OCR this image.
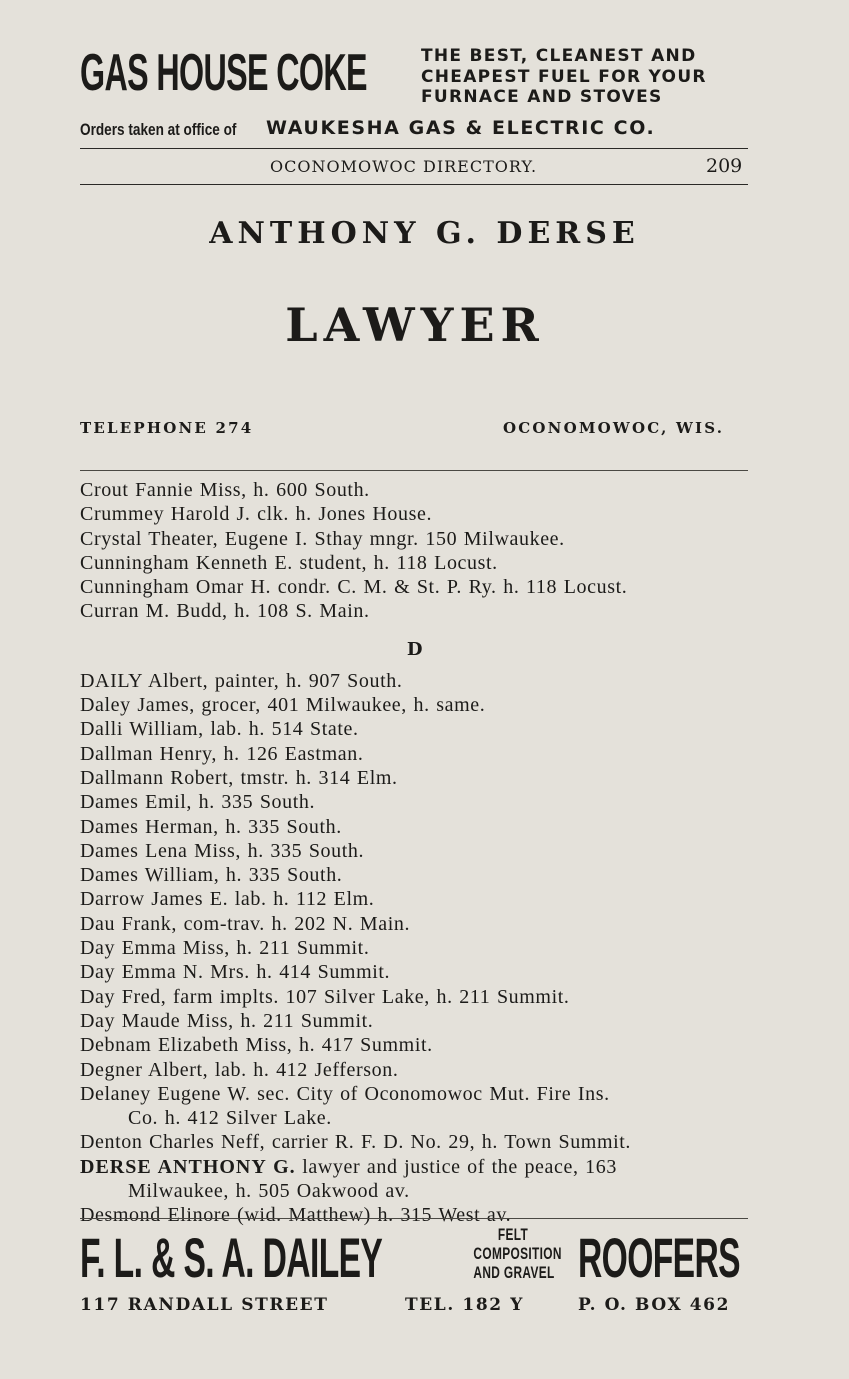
GAS HOUSE COKE	THE BEST, CLEANEST AND
CHEAPEST FUEL FOR YOUR
FURNACE AND STOVES
Orders taken at office of WAUKESHA GAS & ELECTRIC CO.
OCONOMOWOC DIRECTORY.	209
ANTHONY G. DERSE
LAWYER
TELEPHONE 274	OCONOMOWOC, WIS.
Crout Fannie Miss, h. 600 South.
Crummey Harold J. clk. h. Jones House.
Crystal Theater, Eugene I. Sthay mngr. 150 Milwaukee.
Cunningham Kenneth E. student, h. 118 Locust.
Cunningham Omar H. condr. C. M. & St. P. Ry. h. 118 Locust.
Curran M. Budd, h. 108 S. Main.
D
DAILY Albert, painter, h. 907 South.
Daley James, grocer, 401 Milwaukee, h. same.
Dalli William, lab. h. 514 State.
Dallman Henry, h. 126 Eastman.
Dallmann Robert, tmstr. h. 314 Elm.
Dames Emil, h. 335 South.
Dames Herman, h. 335 South.
Dames Lena Miss, h. 335 South.
Dames William, h. 335 South.
Darrow James E. lab. h. 112 Elm.
Dau Frank, com-trav. h. 202 N. Main.
Day Emma Miss, h. 211 Summit.
Day Emma N. Mrs. h. 414 Summit.
Day Fred, farm implts. 107 Silver Lake, h. 211 Summit.
Day Maude Miss, h. 211 Summit.
Debnam Elizabeth Miss, h. 417 Summit.
Degner Albert, lab. h. 412 Jefferson.
Delaney Eugene W. sec. City of Oconomowoc Mut. Fire Ins.
Co. h. 412 Silver Lake.
Denton Charles Neff, carrier R. F. D. No. 29, h. Town Summit.
DERSE ANTHONY G. lawyer and justice of the peace, 163
Milwaukee, h. 505 Oakwood av.
Desmond Elinore (wid. Matthew) h. 315 West av.
F. L. & S. A. DAILEY	FELT
COMPOSITION
AND GRAVEL ROOFERS
117 RANDALL STREET	TEL. 182 Y	P. O. BOX 462
